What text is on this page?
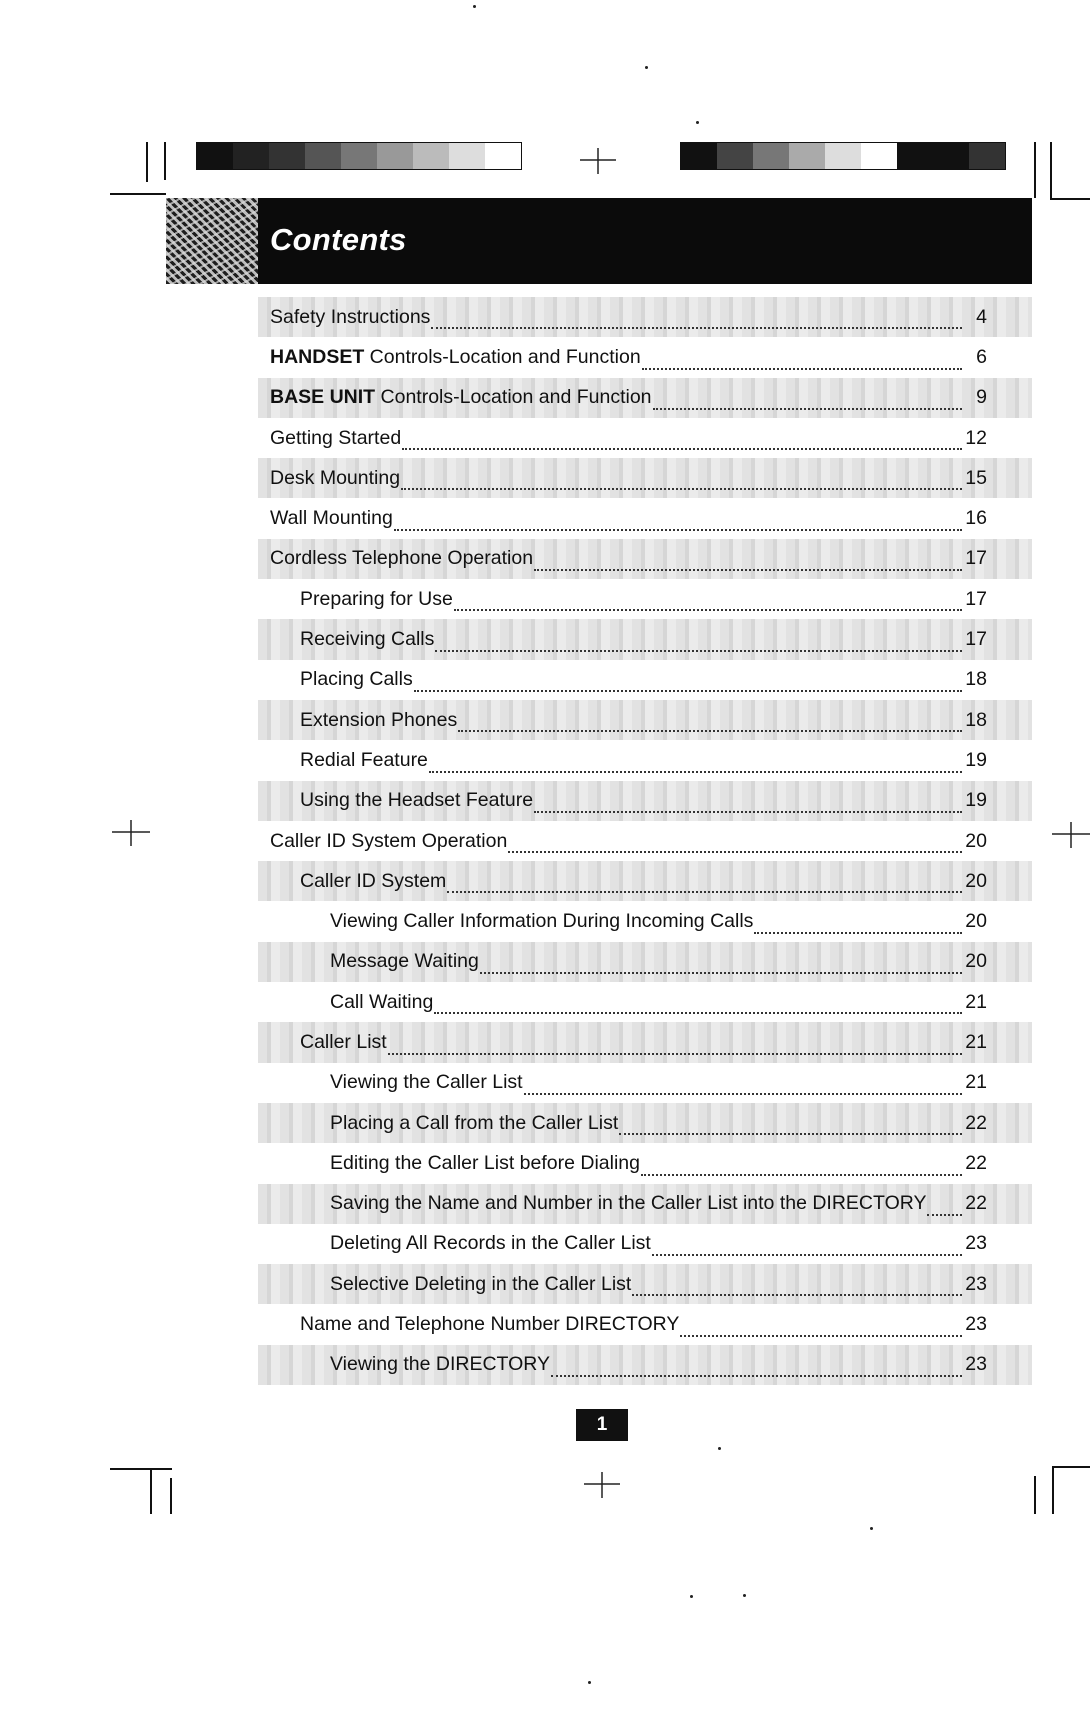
Contents
Safety Instructions	4
HANDSET Controls-Location and Function	6
BASE UNIT Controls-Location and Function	9
Getting Started	12
Desk Mounting	15
Wall Mounting	16
Cordless Telephone Operation	17
Preparing for Use	17
Receiving Calls	17
Placing Calls	18
Extension Phones	18
Redial Feature	19
Using the Headset Feature	19
Caller ID System Operation	20
Caller ID System	20
Viewing Caller Information During Incoming Calls	20
Message Waiting	20
Call Waiting	21
Caller List	21
Viewing the Caller List	21
Placing a Call from the Caller List	22
Editing the Caller List before Dialing	22
Saving the Name and Number in the Caller List into the DIRECTORY 22
Deleting All Records in the Caller List	23
Selective Deleting in the Caller List	23
Name and Telephone Number DIRECTORY	23
Viewing the DIRECTORY	23
1
